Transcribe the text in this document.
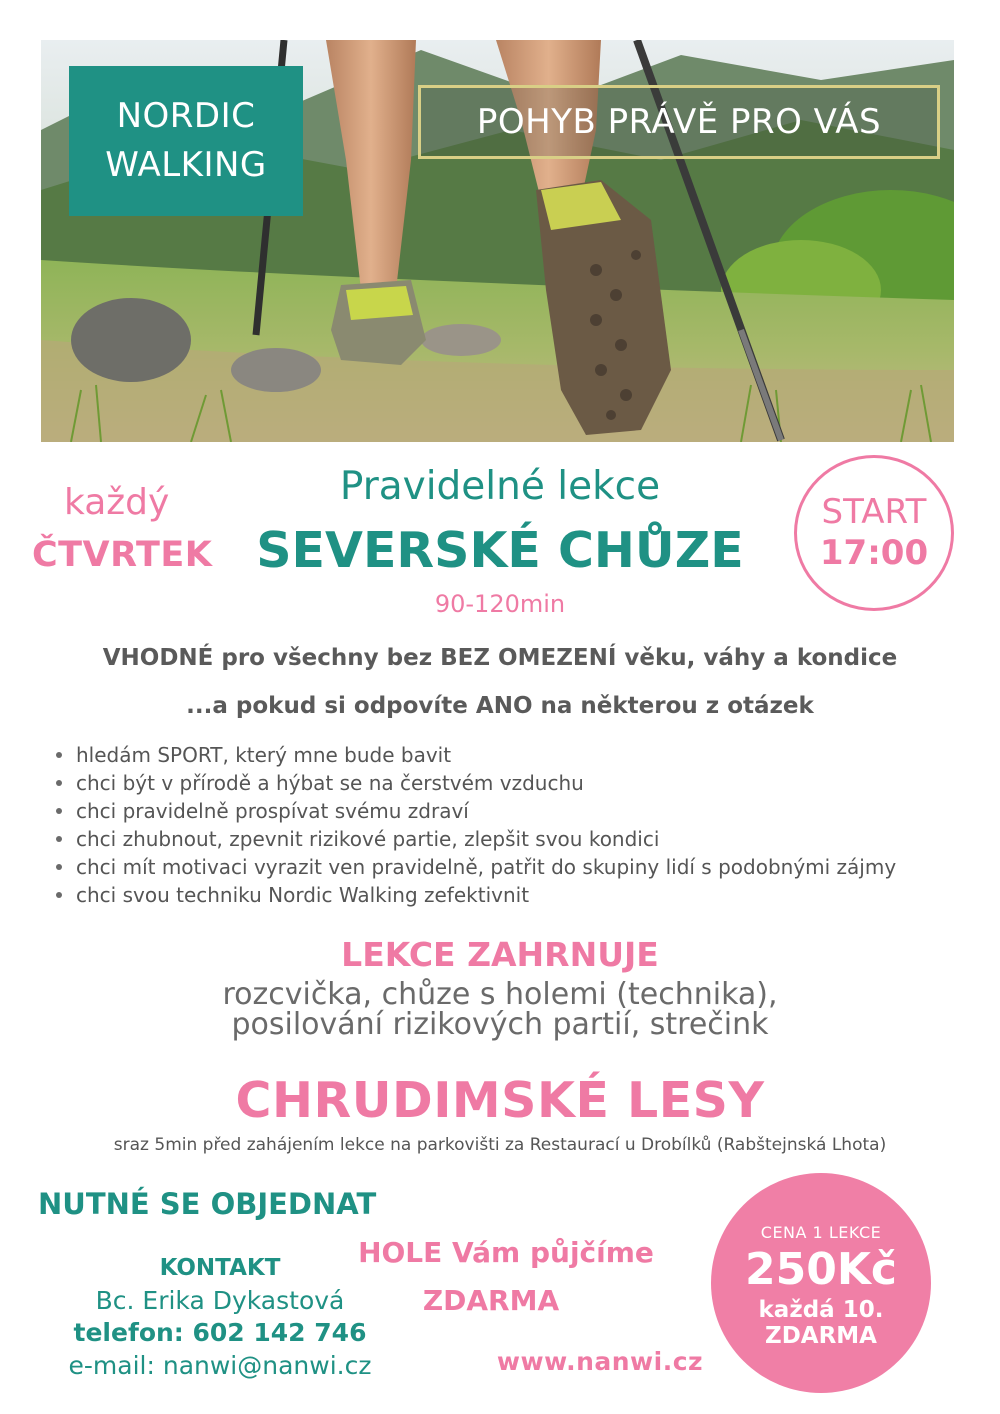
NORDIC
WALKING
POHYB PRÁVĚ PRO VÁS
každý
ČTVRTEK
Pravidelné lekce
SEVERSKÉ CHŮZE
90-120min
START
17:00
VHODNÉ pro všechny bez BEZ OMEZENÍ věku, váhy a kondice
...a pokud si odpovíte ANO na některou z otázek
hledám SPORT, který mne bude bavit
chci být v přírodě a hýbat se na čerstvém vzduchu
chci pravidelně prospívat svému zdraví
chci zhubnout, zpevnit rizikové partie, zlepšit svou kondici
chci mít motivaci vyrazit ven pravidelně, patřit do skupiny lidí s podobnými zájmy
chci svou techniku Nordic Walking zefektivnit
LEKCE ZAHRNUJE
rozcvička, chůze s holemi (technika),
posilování rizikových partií, strečink
CHRUDIMSKÉ LESY
sraz 5min před zahájením lekce na parkovišti za Restaurací u Drobílků (Rabštejnská Lhota)
NUTNÉ SE OBJEDNAT
KONTAKT
Bc. Erika Dykastová
telefon: 602 142 746
e-mail: nanwi@nanwi.cz
HOLE Vám půjčíme
ZDARMA
www.nanwi.cz
CENA 1 LEKCE
250Kč
každá 10.
ZDARMA
